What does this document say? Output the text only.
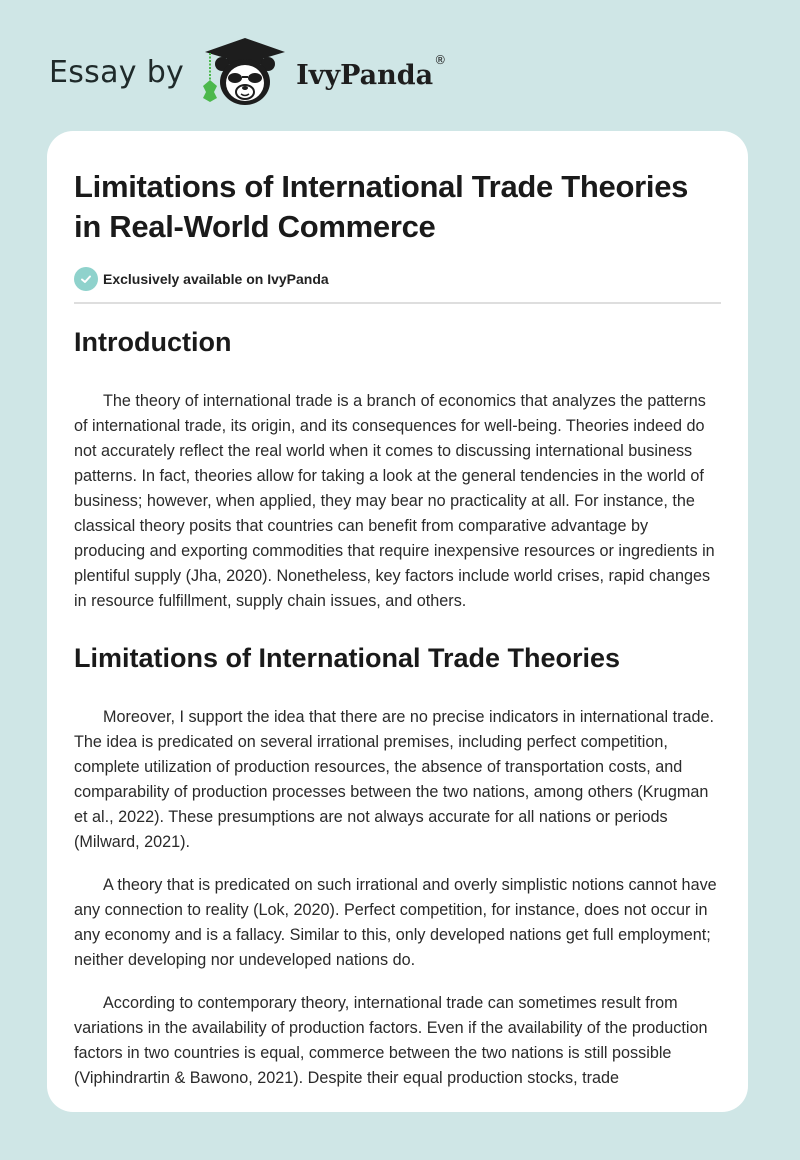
Essay by	IvyPanda ®
Limitations of International Trade Theories in Real-World Commerce
Exclusively available on IvyPanda
Introduction

The theory of international trade is a branch of economics that analyzes the patterns of international trade, its origin, and its consequences for well-being. Theories indeed do not accurately reflect the real world when it comes to discussing international business patterns. In fact, theories allow for taking a look at the general tendencies in the world of business; however, when applied, they may bear no practicality at all. For instance, the classical theory posits that countries can benefit from comparative advantage by producing and exporting commodities that require inexpensive resources or ingredients in plentiful supply (Jha, 2020). Nonetheless, key factors include world crises, rapid changes in resource fulfillment, supply chain issues, and others.

Limitations of International Trade Theories

Moreover, I support the idea that there are no precise indicators in international trade. The idea is predicated on several irrational premises, including perfect competition, complete utilization of production resources, the absence of transportation costs, and comparability of production processes between the two nations, among others (Krugman et al., 2022). These presumptions are not always accurate for all nations or periods (Milward, 2021).

A theory that is predicated on such irrational and overly simplistic notions cannot have any connection to reality (Lok, 2020). Perfect competition, for instance, does not occur in any economy and is a fallacy. Similar to this, only developed nations get full employment; neither developing nor undeveloped nations do.

According to contemporary theory, international trade can sometimes result from variations in the availability of production factors. Even if the availability of the production factors in two countries is equal, commerce between the two nations is still possible (Viphindrartin & Bawono, 2021). Despite their equal production stocks, trade
